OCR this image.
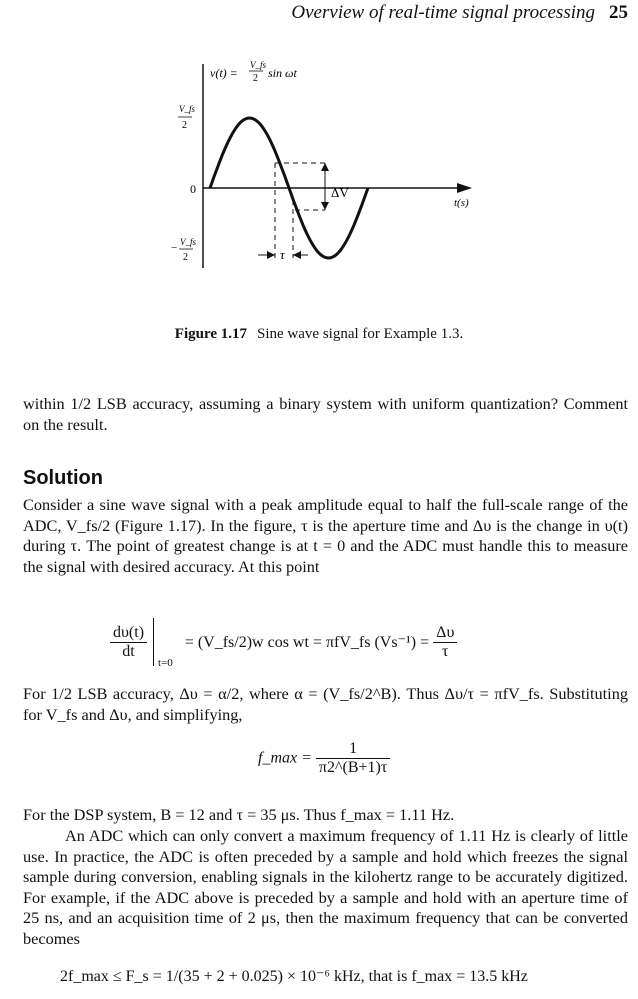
Overview of real-time signal processing 25
ΔV
τ
v(t) =
V_fs
2 sin ωt
V_fs
2
0
− V_fs
2
t(s)
Figure 1.17 Sine wave signal for Example 1.3.
within 1/2 LSB accuracy, assuming a binary system with uniform quantization? Comment on the result.
Solution
Consider a sine wave signal with a peak amplitude equal to half the full-scale range of the ADC, V_fs/2 (Figure 1.17). In the figure, τ is the aperture time and Δυ is the change in υ(t) during τ. The point of greatest change is at t = 0 and the ADC must handle this to measure the signal with desired accuracy. At this point
$\frac{d\upsilon(t)}{dt}$
$_{t=0}$ = (V_fs/2)w cos wt = πfV_fs $(Vs^{-1}) = \frac{\Delta\upsilon}{\tau}$
For 1/2 LSB accuracy, Δυ = α/2, where α = (V_fs/2^B). Thus Δυ/τ = πfV_fs. Substituting for V_fs and Δυ, and simplifying,
f_max = $\frac{1}{\pi 2\^{}(B+1)\tau}$
For the DSP system, B = 12 and τ = 35 μs. Thus f_max = 1.11 Hz.
An ADC which can only convert a maximum frequency of 1.11 Hz is clearly of little use. In practice, the ADC is often preceded by a sample and hold which freezes the signal sample during conversion, enabling signals in the kilohertz range to be accurately digitized. For example, if the ADC above is preceded by a sample and hold with an aperture time of 25 ns, and an acquisition time of 2 μs, then the maximum frequency that can be converted becomes
2f_max ≤ F_s = 1/(35 + 2 + 0.025) × 10⁻⁶ kHz, that is f_max = 13.5 kHz
